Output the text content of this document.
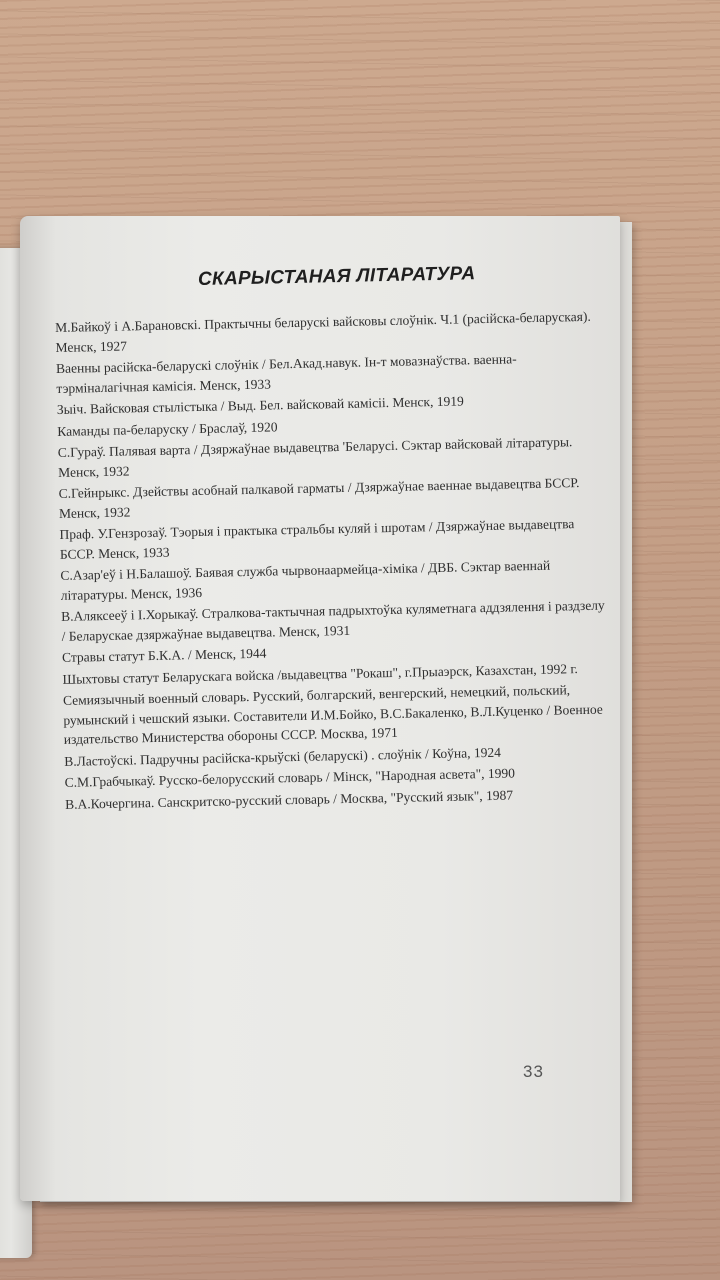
СКАРЫСТАНАЯ ЛІТАРАТУРА

М.Байкоў і А.Барановскі. Практычны беларускі вайсковы слоўнік. Ч.1 (расійска-беларуская). Менск, 1927

Ваенны расійска-беларускі слоўнік / Бел.Акад.навук. Ін-т мовазнаўства. ваенна-тэрміналагічная камісія. Менск, 1933

Зыіч. Вайсковая стылістыка / Выд. Бел. вайсковай камісіі. Менск, 1919

Каманды па-беларуску / Браслаў, 1920

С.Гураў. Палявая варта / Дзяржаўнае выдавецтва 'Беларусі. Сэктар вайсковай літаратуры. Менск, 1932

С.Гейнрыкс. Дзействы асобнай палкавой гарматы / Дзяржаўнае ваеннае выдавецтва БССР. Менск, 1932

Праф. У.Гензрозаў. Тэорыя і практыка стральбы куляй і шротам / Дзяржаўнае выдавецтва БССР. Менск, 1933

С.Азар'еў і Н.Балашоў. Баявая служба чырвонаармейца-хіміка / ДВБ. Сэктар ваеннай літаратуры. Менск, 1936

В.Аляксееў і І.Хорыкаў. Стралкова-тактычная падрыхтоўка куляметнага аддзялення і раздзелу / Беларускае дзяржаўнае выдавецтва. Менск, 1931

Стравы статут Б.К.А. / Менск, 1944

Шыхтовы статут Беларускага войска /выдавецтва "Рокаш", г.Прыаэрск, Казахстан, 1992 г.

Семиязычный военный словарь. Русский, болгарский, венгерский, немецкий, польский, румынский і чешский языки. Составители И.М.Бойко, В.С.Бакаленко, В.Л.Куценко / Военное издательство Министерства обороны СССР. Москва, 1971

В.Ластоўскі. Падручны расійска-крыўскі (беларускі) . слоўнік / Коўна, 1924

С.М.Грабчыкаў. Русско-белорусский словарь / Мінск, "Народная асвета", 1990

В.А.Кочергина. Санскритско-русский словарь / Москва, "Русский язык", 1987

33
